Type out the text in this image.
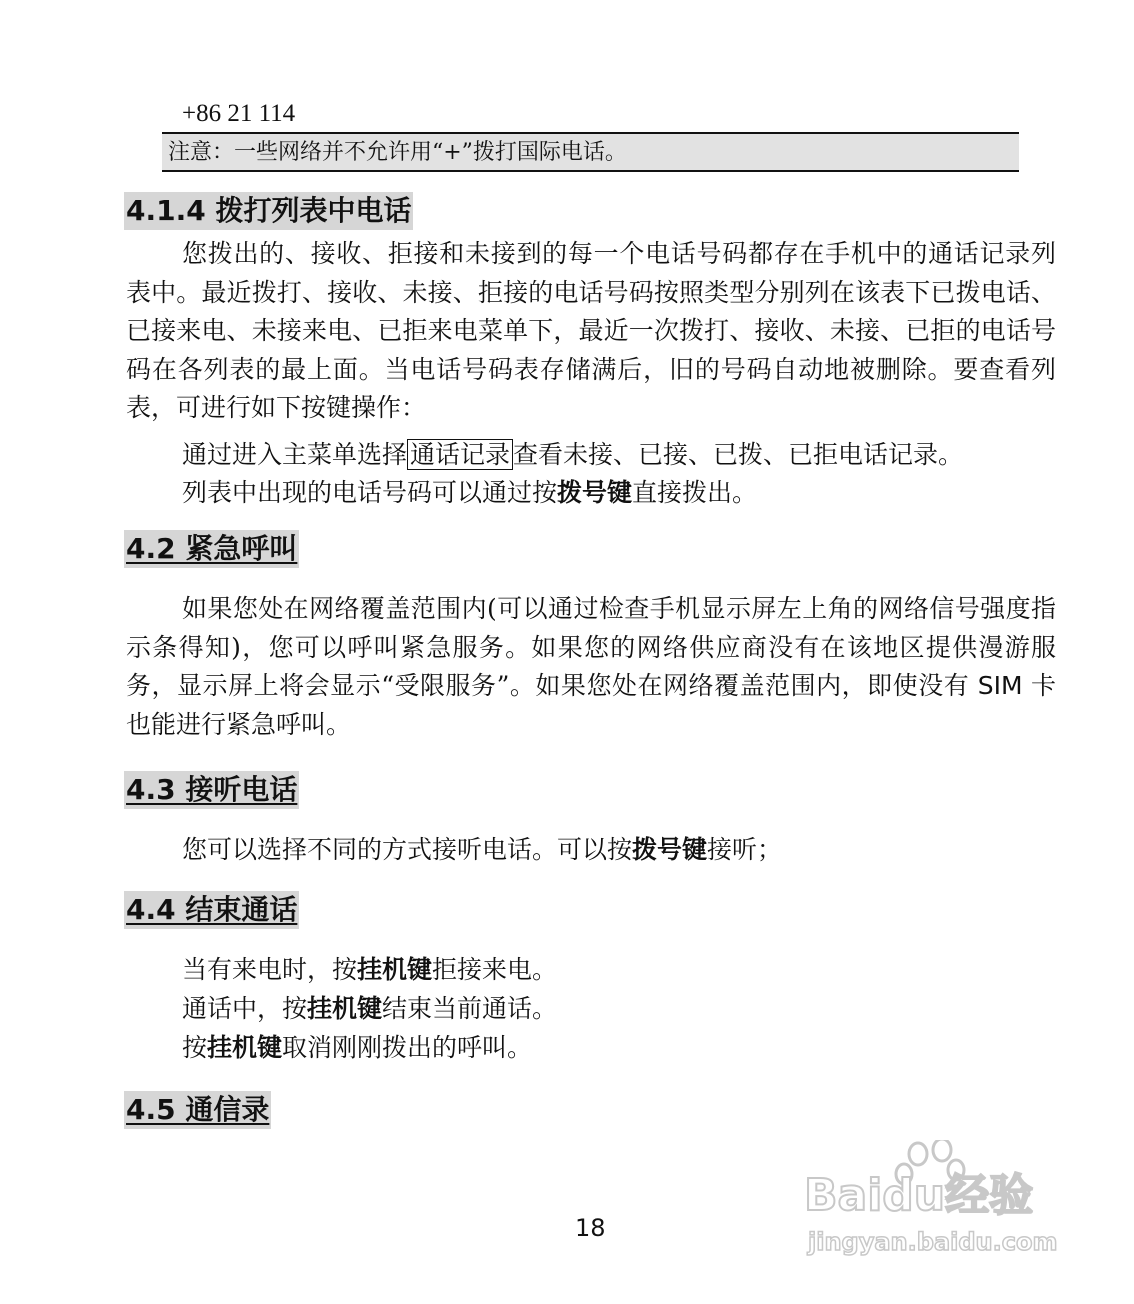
+86 21 114
注意：一些网络并不允许用“+”拨打国际电话。
4.1.4 拨打列表中电话
您拨出的、接收、拒接和未接到的每一个电话号码都存在手机中的通话记录列表中。最近拨打、接收、未接、拒接的电话号码按照类型分别列在该表下已拨电话、已接来电、未接来电、已拒来电菜单下，最近一次拨打、接收、未接、已拒的电话号码在各列表的最上面。当电话号码表存储满后，旧的号码自动地被删除。要查看列表，可进行如下按键操作：
通过进入主菜单选择 通话记录 查看未接、已接、已拨、已拒电话记录。
列表中出现的电话号码可以通过按拨号键直接拨出。
4.2 紧急呼叫
如果您处在网络覆盖范围内(可以通过检查手机显示屏左上角的网络信号强度指示条得知)，您可以呼叫紧急服务。如果您的网络供应商没有在该地区提供漫游服务，显示屏上将会显示“受限服务”。如果您处在网络覆盖范围内，即使没有 SIM 卡也能进行紧急呼叫。
4.3 接听电话
您可以选择不同的方式接听电话。可以按拨号键接听；
4.4 结束通话
当有来电时，按挂机键拒接来电。
通话中，按挂机键结束当前通话。
按挂机键取消刚刚拨出的呼叫。
4.5 通信录
Baidu经验
jingyan.baidu.com
18
